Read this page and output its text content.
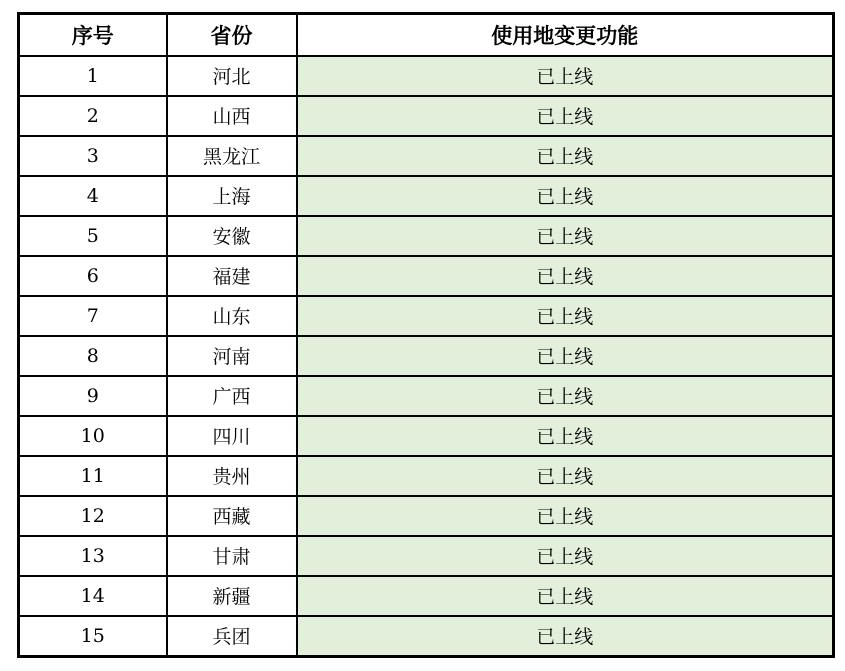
序号	省份	使用地变更功能
1	河北	已上线
2	山西	已上线
3	黑龙江	已上线
4	上海	已上线
5	安徽	已上线
6	福建	已上线
7	山东	已上线
8	河南	已上线
9	广西	已上线
10	四川	已上线
11	贵州	已上线
12	西藏	已上线
13	甘肃	已上线
14	新疆	已上线
15	兵团	已上线
